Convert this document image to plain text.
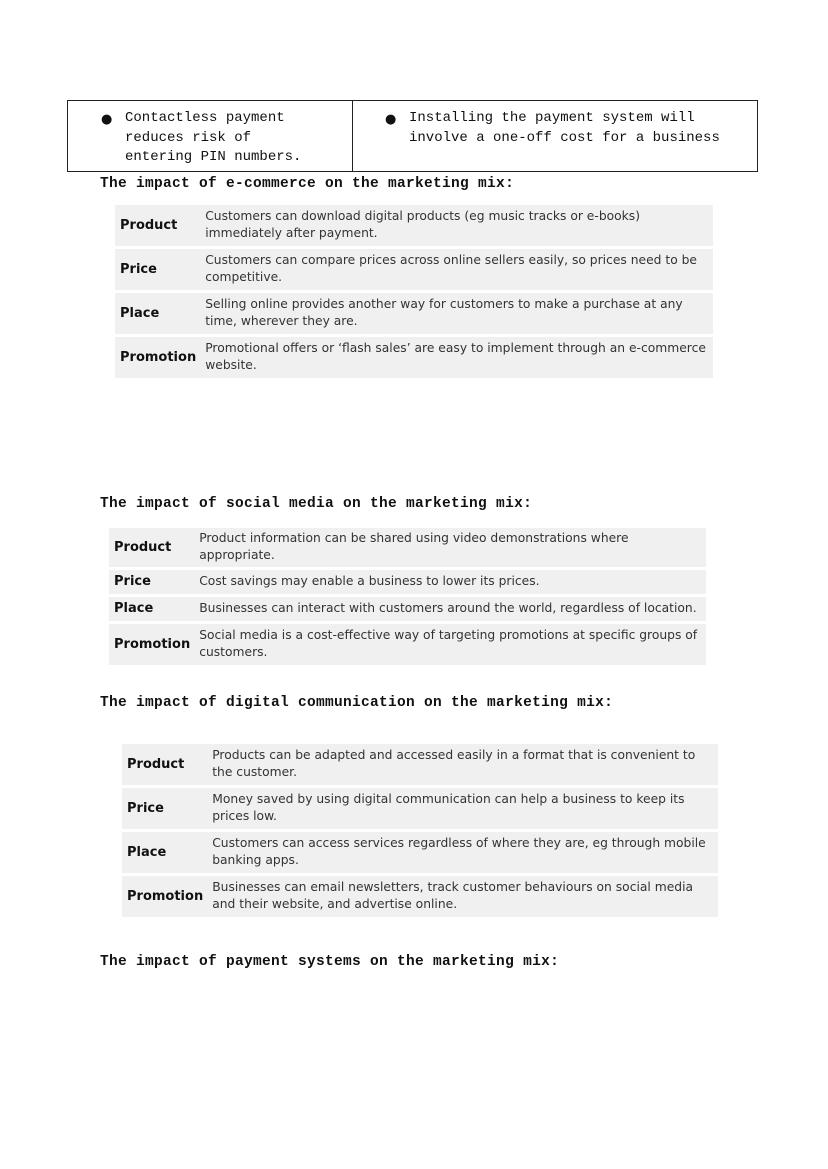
● Contactless payment
reduces risk of
entering PIN numbers.
● Installing the payment system will
involve a one-off cost for a business
The impact of e-commerce on the marketing mix:
Product	Customers can download digital products (eg music tracks or e-books) immediately after payment.
Price	Customers can compare prices across online sellers easily, so prices need to be competitive.
Place	Selling online provides another way for customers to make a purchase at any time, wherever they are.
Promotion	Promotional offers or ‘flash sales’ are easy to implement through an e-commerce website.
The impact of social media on the marketing mix:
Product	Product information can be shared using video demonstrations where appropriate.
Price	Cost savings may enable a business to lower its prices.
Place	Businesses can interact with customers around the world, regardless of location.
Promotion	Social media is a cost-effective way of targeting promotions at specific groups of customers.
The impact of digital communication on the marketing mix:
Product	Products can be adapted and accessed easily in a format that is convenient to the customer.
Price	Money saved by using digital communication can help a business to keep its prices low.
Place	Customers can access services regardless of where they are, eg through mobile banking apps.
Promotion	Businesses can email newsletters, track customer behaviours on social media and their website, and advertise online.
The impact of payment systems on the marketing mix:
